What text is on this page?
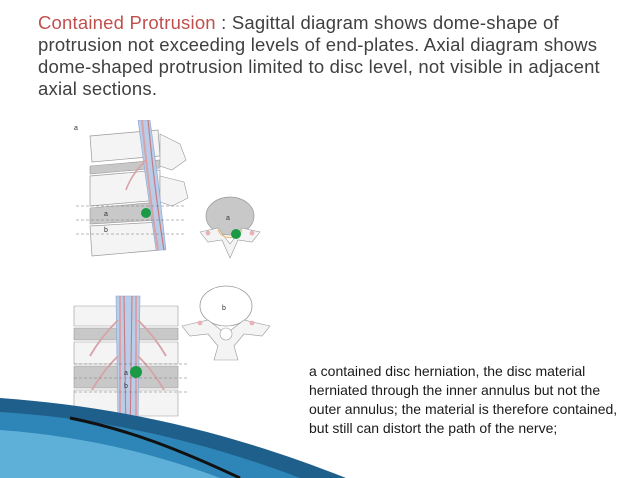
Contained Protrusion : Sagittal diagram shows dome-shape of protrusion not exceeding levels of end-plates. Axial diagram shows dome-shaped protrusion limited to disc level, not visible in adjacent axial sections.
a
a
b
a
a
b
b
a contained disc herniation, the disc material herniated through the inner annulus but not the outer annulus; the material is therefore contained, but still can distort the path of the nerve;
